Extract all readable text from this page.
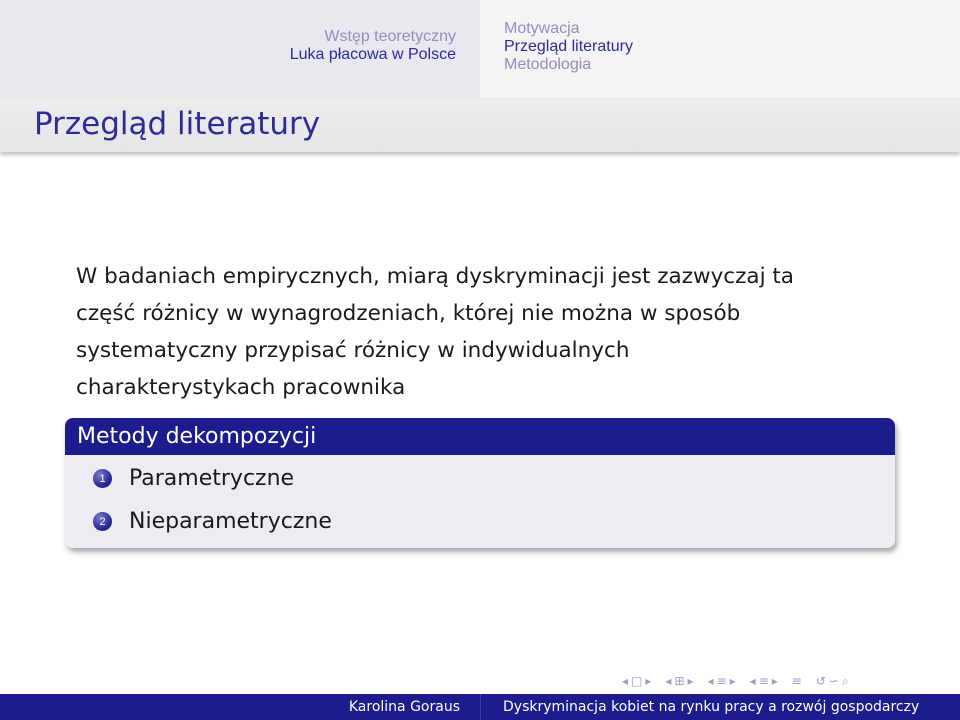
Wstęp teoretyczny
Luka płacowa w Polsce
Motywacja
Przegląd literatury
Metodologia
Przegląd literatury
W badaniach empirycznych, miarą dyskryminacji jest zazwyczaj ta
część różnicy w wynagrodzeniach, której nie można w sposób
systematyczny przypisać różnicy w indywidualnych
charakterystykach pracownika
Metody dekompozycji
1 Parametryczne
2 Nieparametryczne
◂ □ ▸ ◂ ⊞ ▸ ◂ ≡ ▸ ◂ ≡ ▸ ≡ ↺ ∽ ⌕
Karolina Goraus	Dyskryminacja kobiet na rynku pracy a rozwój gospodarczy
